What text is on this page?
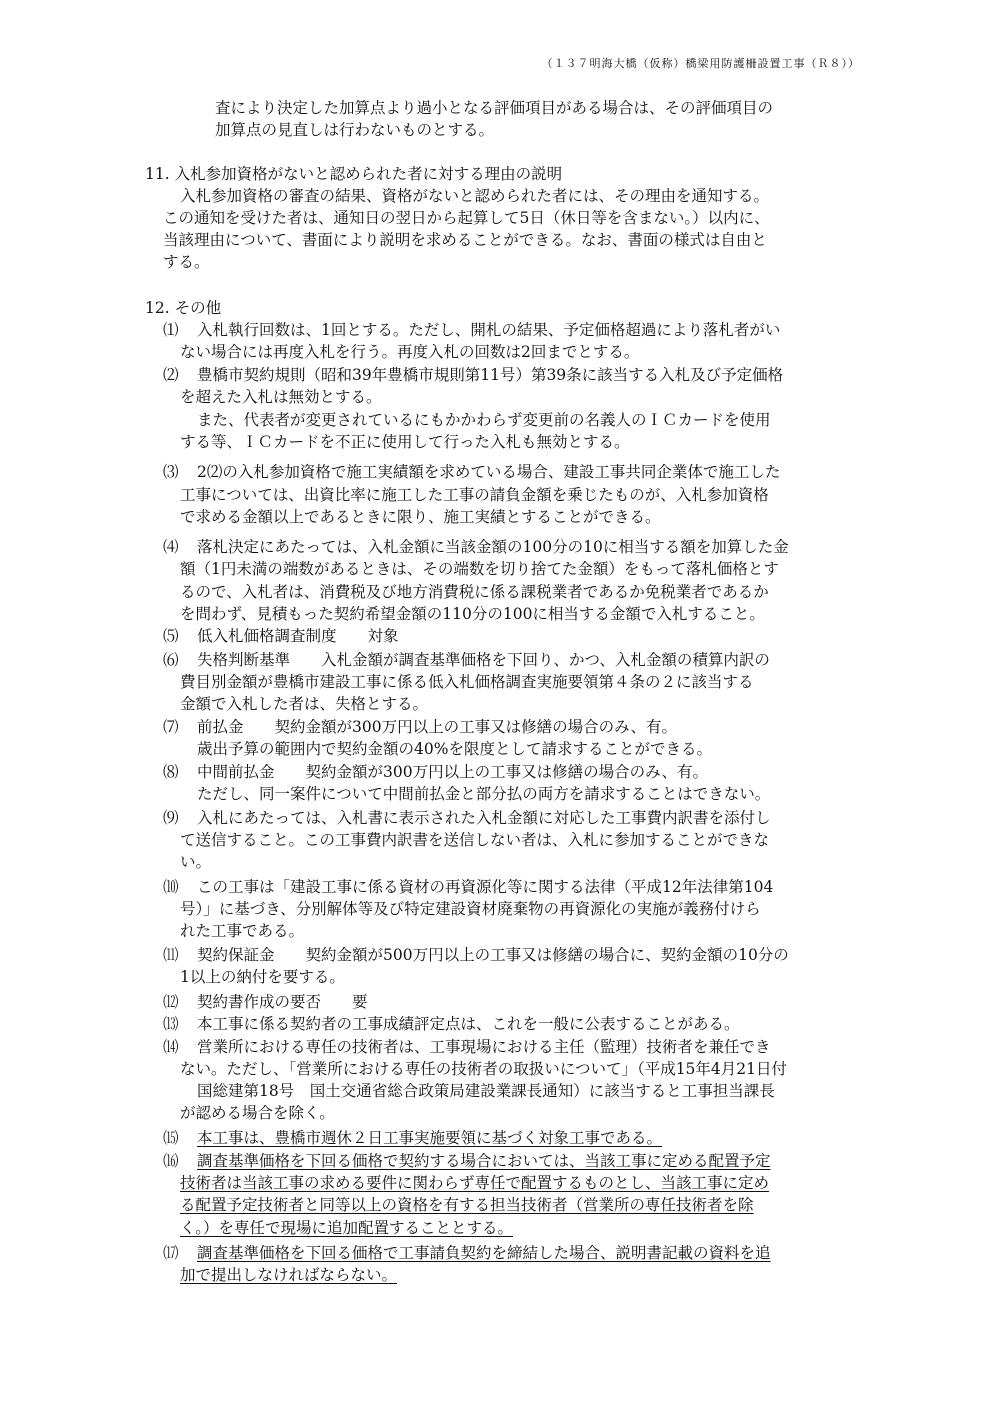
（１３７明海大橋（仮称）橋梁用防護柵設置工事（Ｒ８））
査により決定した加算点より過小となる評価項目がある場合は、その評価項目の
加算点の見直しは行わないものとする。
11. 入札参加資格がないと認められた者に対する理由の説明
入札参加資格の審査の結果、資格がないと認められた者には、その理由を通知する。
この通知を受けた者は、通知日の翌日から起算して5日（休日等を含まない。）以内に、
当該理由について、書面により説明を求めることができる。なお、書面の様式は自由と
する。
12. その他
⑴ 入札執行回数は、1回とする。ただし、開札の結果、予定価格超過により落札者がい
ない場合には再度入札を行う。再度入札の回数は2回までとする。
⑵ 豊橋市契約規則（昭和39年豊橋市規則第11号）第39条に該当する入札及び予定価格
を超えた入札は無効とする。
また、代表者が変更されているにもかかわらず変更前の名義人のＩＣカードを使用
する等、ＩＣカードを不正に使用して行った入札も無効とする。
⑶ 2⑵の入札参加資格で施工実績額を求めている場合、建設工事共同企業体で施工した
工事については、出資比率に施工した工事の請負金額を乗じたものが、入札参加資格
で求める金額以上であるときに限り、施工実績とすることができる。
⑷ 落札決定にあたっては、入札金額に当該金額の100分の10に相当する額を加算した金
額（1円未満の端数があるときは、その端数を切り捨てた金額）をもって落札価格とす
るので、入札者は、消費税及び地方消費税に係る課税業者であるか免税業者であるか
を問わず、見積もった契約希望金額の110分の100に相当する金額で入札すること。
⑸ 低入札価格調査制度　　対象
⑹ 失格判断基準　　入札金額が調査基準価格を下回り、かつ、入札金額の積算内訳の
費目別金額が豊橋市建設工事に係る低入札価格調査実施要領第４条の２に該当する
金額で入札した者は、失格とする。
⑺ 前払金　　契約金額が300万円以上の工事又は修繕の場合のみ、有。
歳出予算の範囲内で契約金額の40%を限度として請求することができる。
⑻ 中間前払金　　契約金額が300万円以上の工事又は修繕の場合のみ、有。
ただし、同一案件について中間前払金と部分払の両方を請求することはできない。
⑼ 入札にあたっては、入札書に表示された入札金額に対応した工事費内訳書を添付し
て送信すること。この工事費内訳書を送信しない者は、入札に参加することができな
い。
⑽ この工事は「建設工事に係る資材の再資源化等に関する法律（平成12年法律第104
号）」に基づき、分別解体等及び特定建設資材廃棄物の再資源化の実施が義務付けら
れた工事である。
⑾ 契約保証金　　契約金額が500万円以上の工事又は修繕の場合に、契約金額の10分の
1以上の納付を要する。
⑿ 契約書作成の要否　　要
⒀ 本工事に係る契約者の工事成績評定点は、これを一般に公表することがある。
⒁ 営業所における専任の技術者は、工事現場における主任（監理）技術者を兼任でき
ない。ただし、「営業所における専任の技術者の取扱いについて」（平成15年4月21日付
国総建第18号　国土交通省総合政策局建設業課長通知）に該当すると工事担当課長
が認める場合を除く。
⒂ 本工事は、豊橋市週休２日工事実施要領に基づく対象工事である。
⒃ 調査基準価格を下回る価格で契約する場合においては、当該工事に定める配置予定
技術者は当該工事の求める要件に関わらず専任で配置するものとし、当該工事に定め
る配置予定技術者と同等以上の資格を有する担当技術者（営業所の専任技術者を除
く。）を専任で現場に追加配置することとする。
⒄ 調査基準価格を下回る価格で工事請負契約を締結した場合、説明書記載の資料を追
加で提出しなければならない。
